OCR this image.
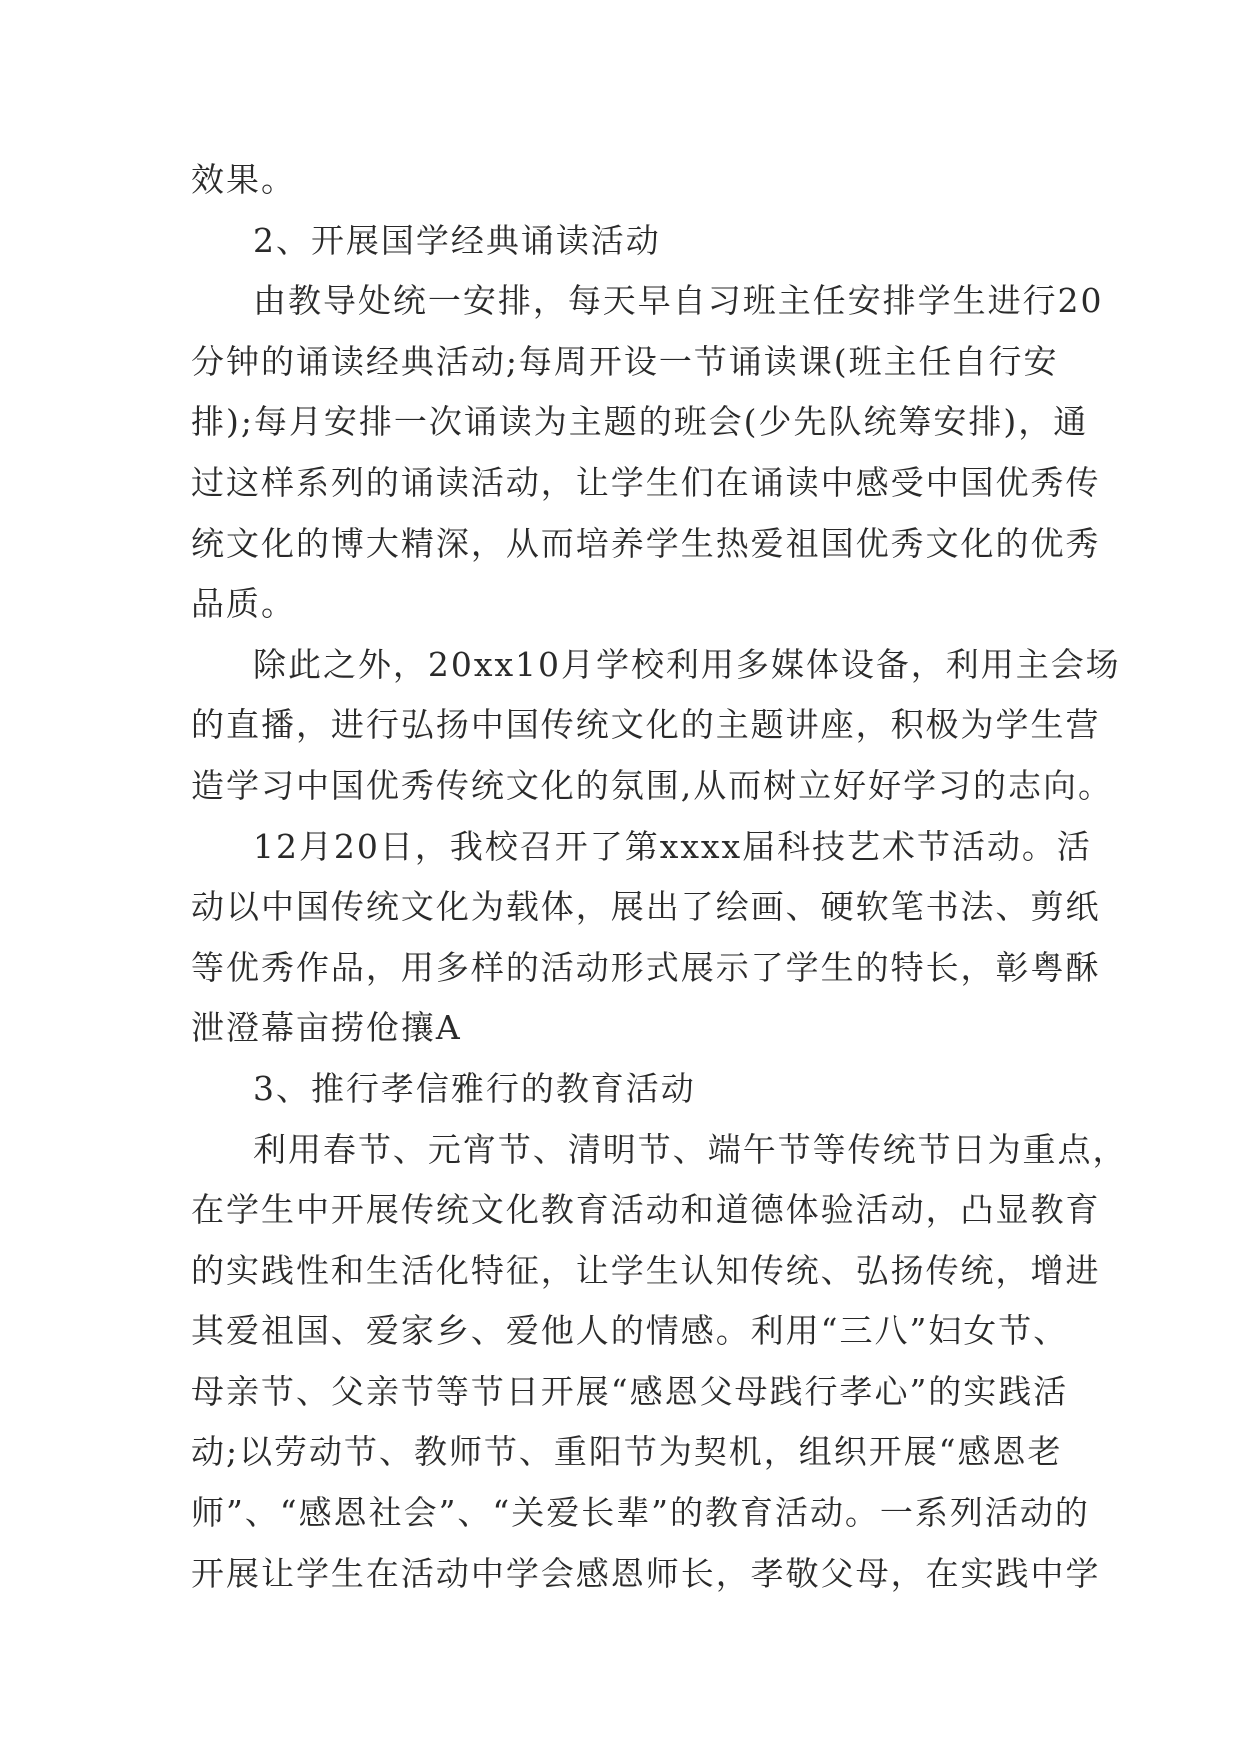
效果。
2、开展国学经典诵读活动
由教导处统一安排，每天早自习班主任安排学生进行20
分钟的诵读经典活动;每周开设一节诵读课(班主任自行安
排);每月安排一次诵读为主题的班会(少先队统筹安排)，通
过这样系列的诵读活动，让学生们在诵读中感受中国优秀传
统文化的博大精深，从而培养学生热爱祖国优秀文化的优秀
品质。
除此之外，20xx10月学校利用多媒体设备，利用主会场
的直播，进行弘扬中国传统文化的主题讲座，积极为学生营
造学习中国优秀传统文化的氛围,从而树立好好学习的志向。
12月20日，我校召开了第xxxx届科技艺术节活动。活
动以中国传统文化为载体，展出了绘画、硬软笔书法、剪纸
等优秀作品，用多样的活动形式展示了学生的特长，彰粤酥
泄澄幕亩捞伧攘A
3、推行孝信雅行的教育活动
利用春节、元宵节、清明节、端午节等传统节日为重点，
在学生中开展传统文化教育活动和道德体验活动，凸显教育
的实践性和生活化特征，让学生认知传统、弘扬传统，增进
其爱祖国、爱家乡、爱他人的情感。利用“三八”妇女节、
母亲节、父亲节等节日开展“感恩父母践行孝心”的实践活
动;以劳动节、教师节、重阳节为契机，组织开展“感恩老
师”、“感恩社会”、“关爱长辈”的教育活动。一系列活动的
开展让学生在活动中学会感恩师长，孝敬父母，在实践中学
